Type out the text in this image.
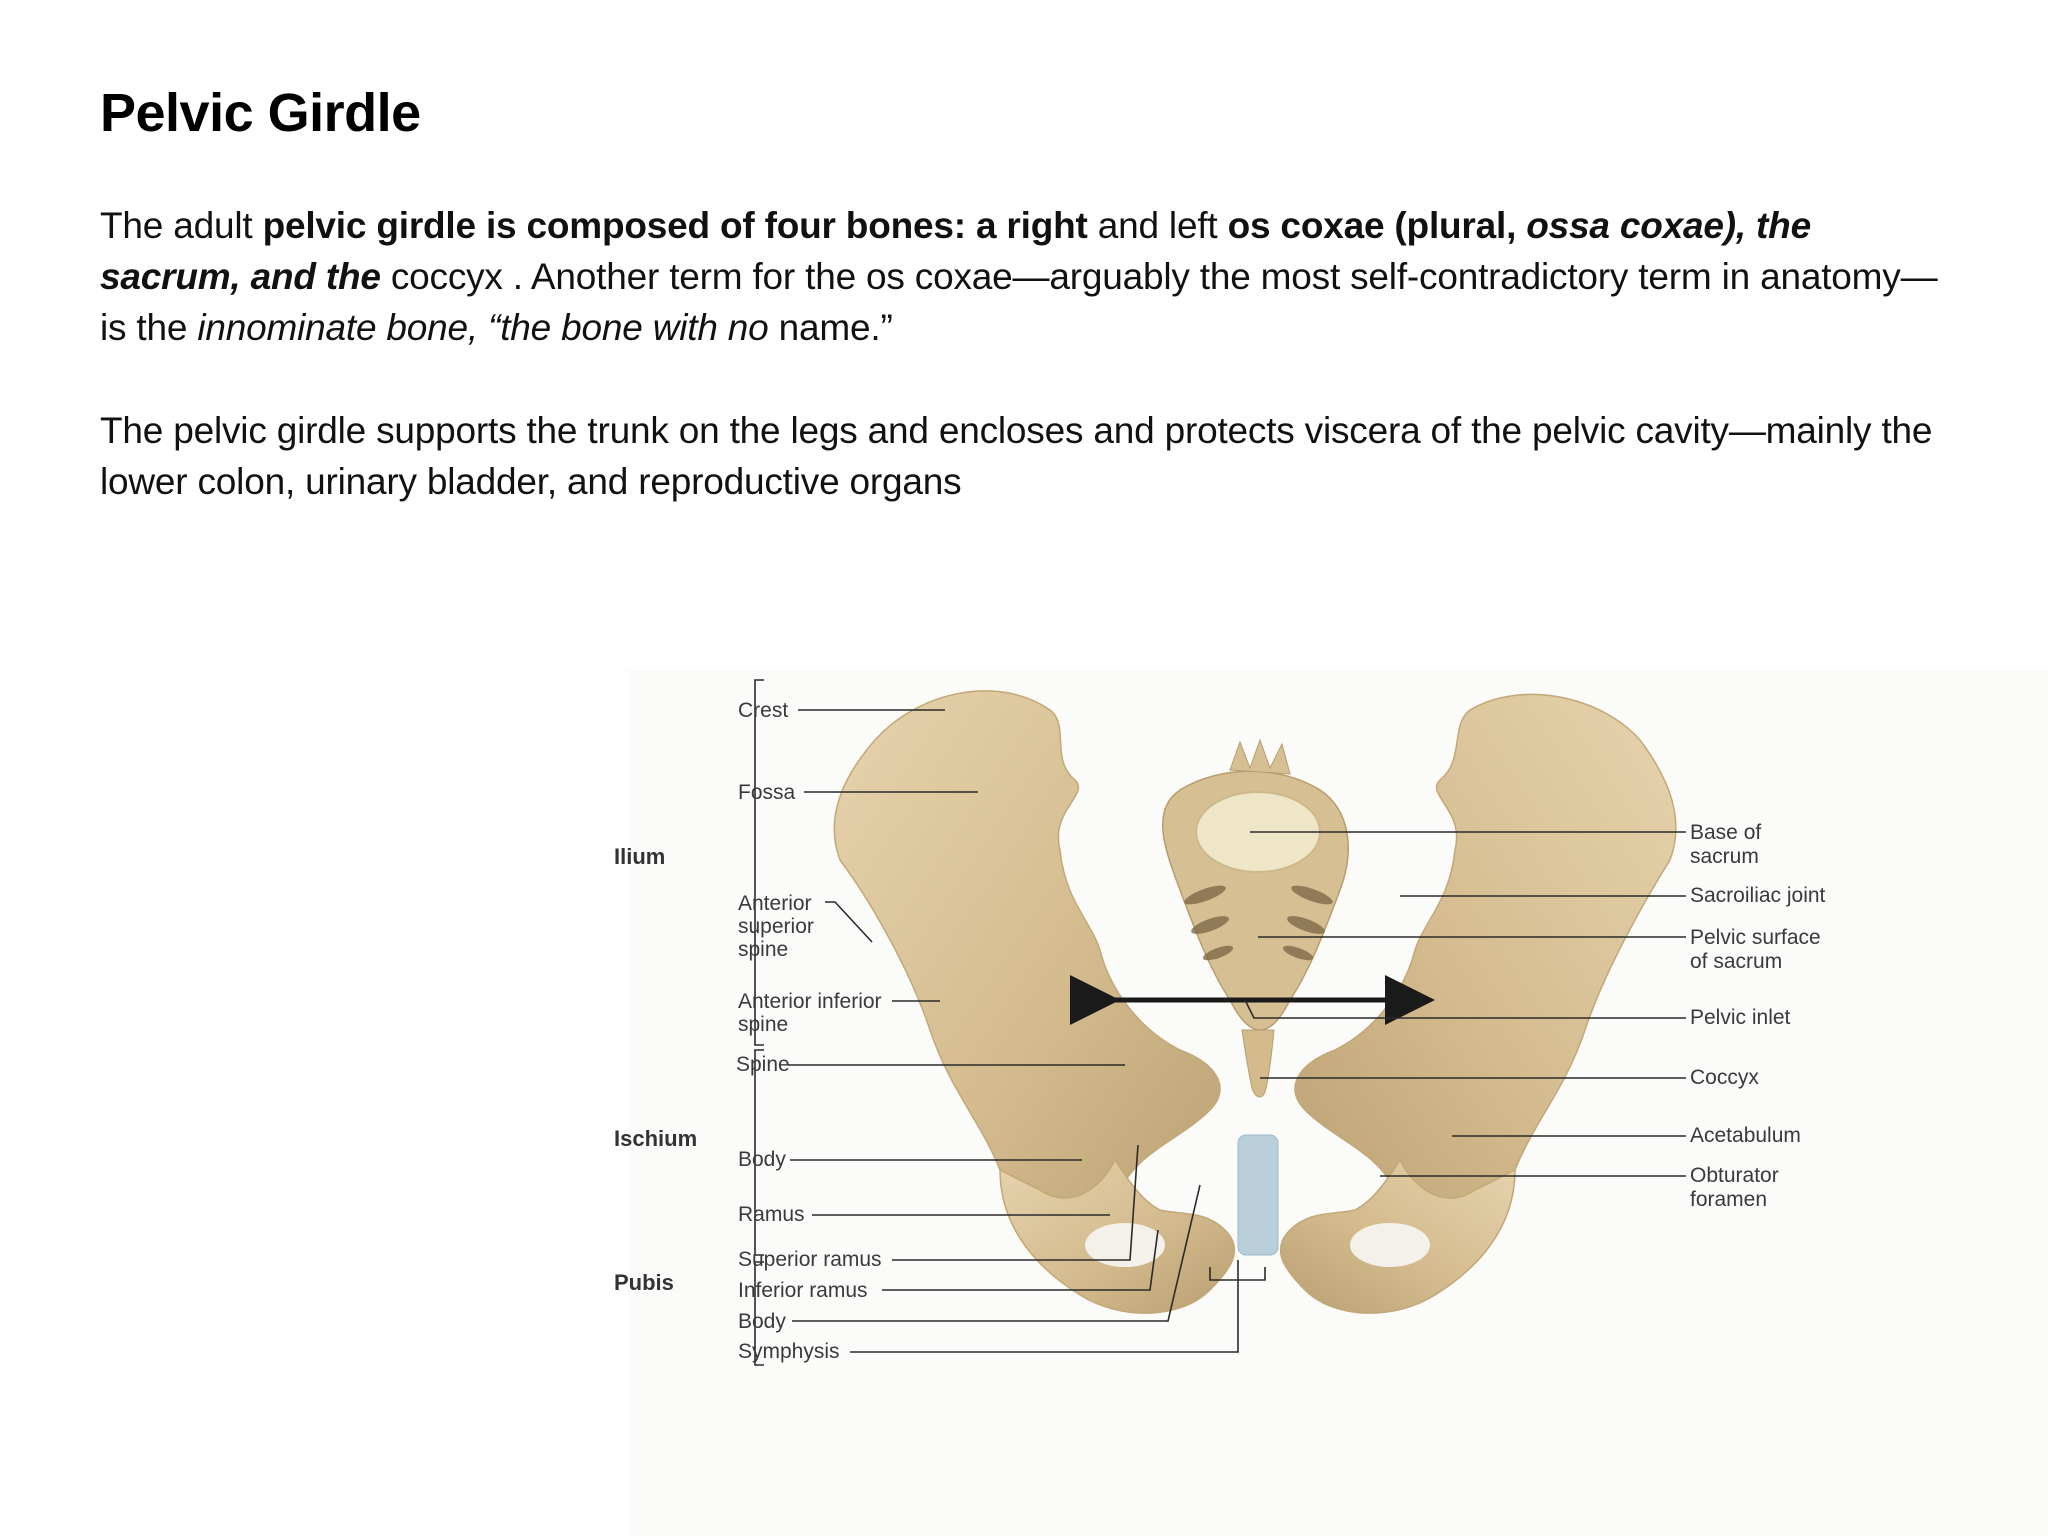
Pelvic Girdle

The adult pelvic girdle is composed of four bones: a right and left os coxae (plural, ossa coxae), the sacrum, and the coccyx . Another term for the os coxae—arguably the most self-contradictory term in anatomy—is the innominate bone, “the bone with no name.”

The pelvic girdle supports the trunk on the legs and encloses and protects viscera of the pelvic cavity—mainly the lower colon, urinary bladder, and reproductive organs

Ilium
Ischium
Pubis
Crest
Fossa
Anterior
superior
spine
Anterior inferior
spine
Spine
Body
Ramus
Superior ramus
Inferior ramus
Body
Symphysis
Base of
sacrum
Sacroiliac joint
Pelvic surface
of sacrum
Pelvic inlet
Coccyx
Acetabulum
Obturator
foramen
